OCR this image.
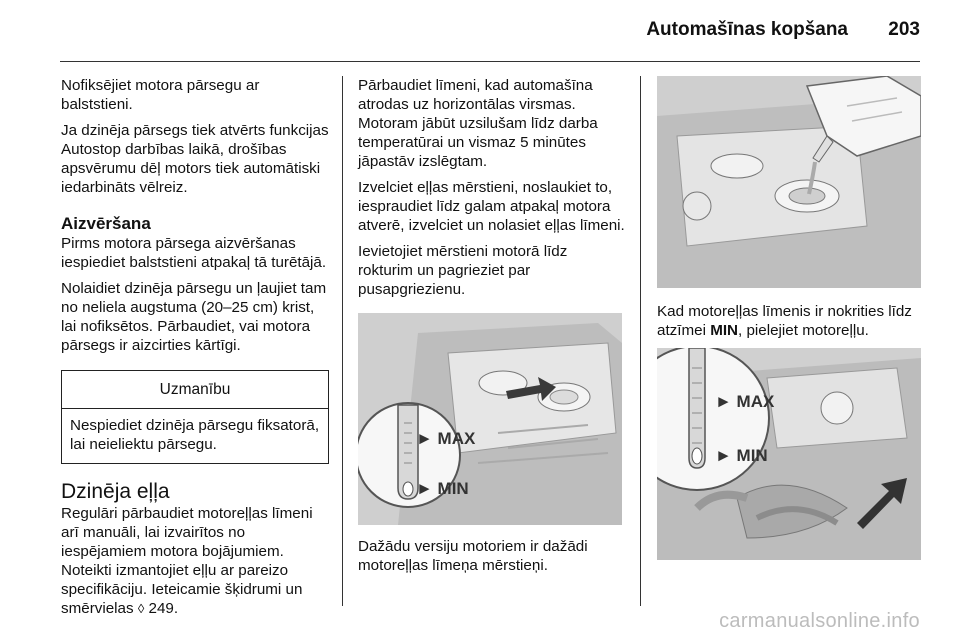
Automašīnas kopšana 203

Nofiksējiet motora pārsegu ar balststieni.

Ja dzinēja pārsegs tiek atvērts funkcijas Autostop darbības laikā, drošības apsvērumu dēļ motors tiek automātiski iedarbināts vēlreiz.

Aizvēršana

Pirms motora pārsega aizvēršanas iespiediet balststieni atpakaļ tā turētājā.

Nolaidiet dzinēja pārsegu un ļaujiet tam no neliela augstuma (20–25 cm) krist, lai nofiksētos. Pārbaudiet, vai motora pārsegs ir aizcirties kārtīgi.

Uzmanību
Nespiediet dzinēja pārsegu fiksatorā, lai neieliektu pārsegu.
Dzinēja eļļa

Regulāri pārbaudiet motoreļļas līmeni arī manuāli, lai izvairītos no iespējamiem motora bojājumiem. Noteikti izmantojiet eļļu ar pareizo specifikāciju. Ieteicamie šķidrumi un smērvielas ◊ 249.

Pārbaudiet līmeni, kad automašīna atrodas uz horizontālas virsmas. Motoram jābūt uzsilušam līdz darba temperatūrai un vismaz 5 minūtes jāpastāv izslēgtam.

Izvelciet eļļas mērstieni, noslaukiet to, iespraudiet līdz galam atpakaļ motora atverē, izvelciet un nolasiet eļļas līmeni.

Ievietojiet mērstieni motorā līdz rokturim un pagrieziet par pusapgriezienu.

► MAX
► MIN

Dažādu versiju motoriem ir dažādi motoreļļas līmeņa mērstieņi.

Kad motoreļļas līmenis ir nokrities līdz atzīmei MIN, pielejiet motoreļļu.

► MAX
► MIN
carmanualsonline.info
